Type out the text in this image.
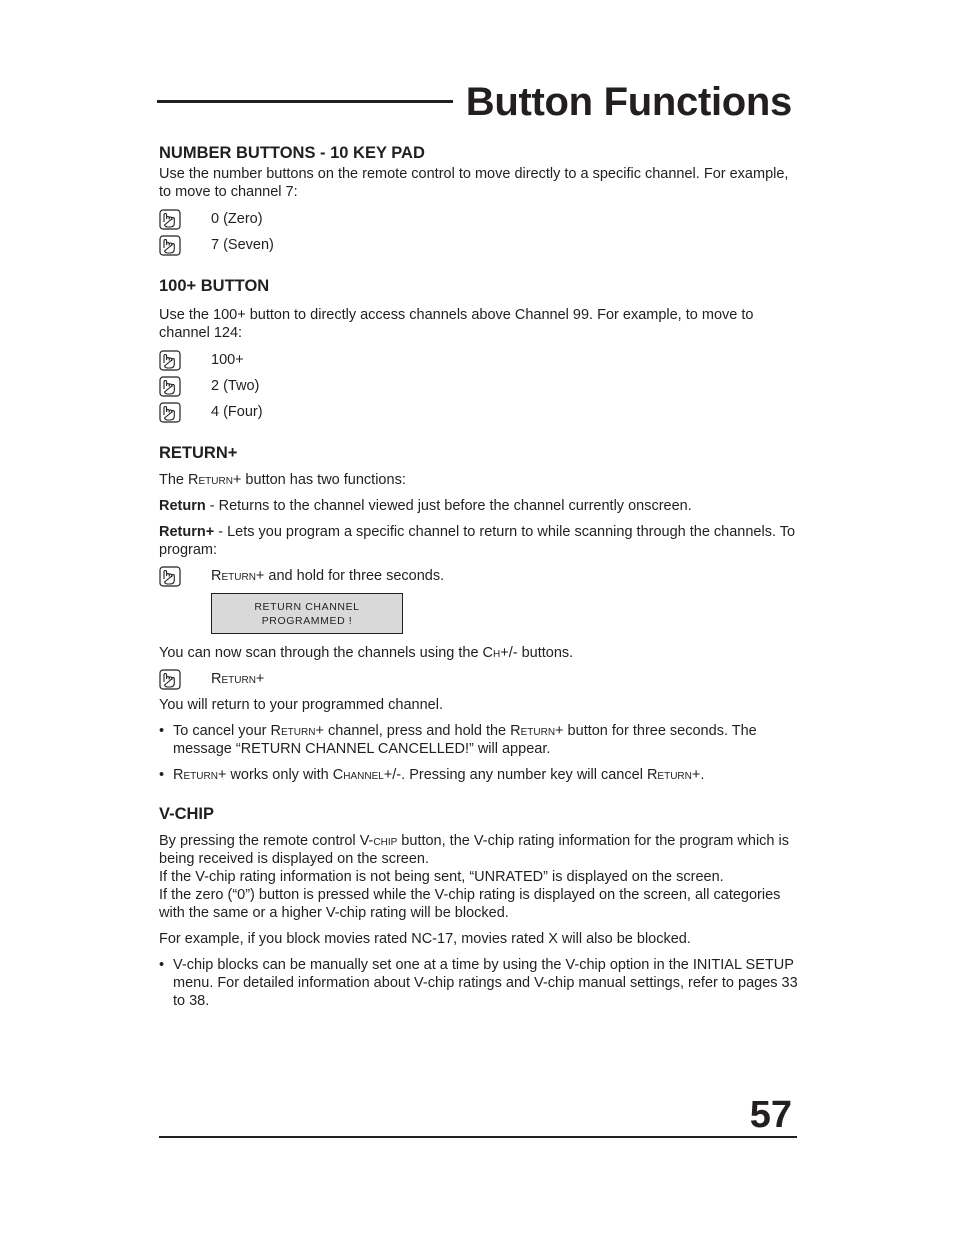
Button Functions
NUMBER BUTTONS - 10 KEY PAD

Use the number buttons on the remote control to move directly to a specific channel. For example, to move to channel 7:

0 (Zero)
7 (Seven)
100+ BUTTON

Use the 100+ button to directly access channels above Channel 99. For example, to move to channel 124:

100+
2 (Two)
4 (Four)
RETURN+

The Return+ button has two functions:

Return - Returns to the channel viewed just before the channel currently onscreen.

Return+ - Lets you program a specific channel to return to while scanning through the channels. To program:

Return+ and hold for three seconds.
RETURN CHANNEL
PROGRAMMED !

You can now scan through the channels using the Ch+/- buttons.

Return+

You will return to your programmed channel.

• To cancel your Return+ channel, press and hold the Return+ button for three seconds. The message “RETURN CHANNEL CANCELLED!” will appear.
• Return+ works only with Channel+/-. Pressing any number key will cancel Return+.
V-CHIP

By pressing the remote control V-chip button, the V-chip rating information for the program which is being received is displayed on the screen.

If the V-chip rating information is not being sent, “UNRATED” is displayed on the screen.

If the zero (“0”) button is pressed while the V-chip rating is displayed on the screen, all categories with the same or a higher V-chip rating will be blocked.

For example, if you block movies rated NC-17, movies rated X will also be blocked.

• V-chip blocks can be manually set one at a time by using the V-chip option in the INITIAL SETUP menu. For detailed information about V-chip ratings and V-chip manual settings, refer to pages 33 to 38.
57
